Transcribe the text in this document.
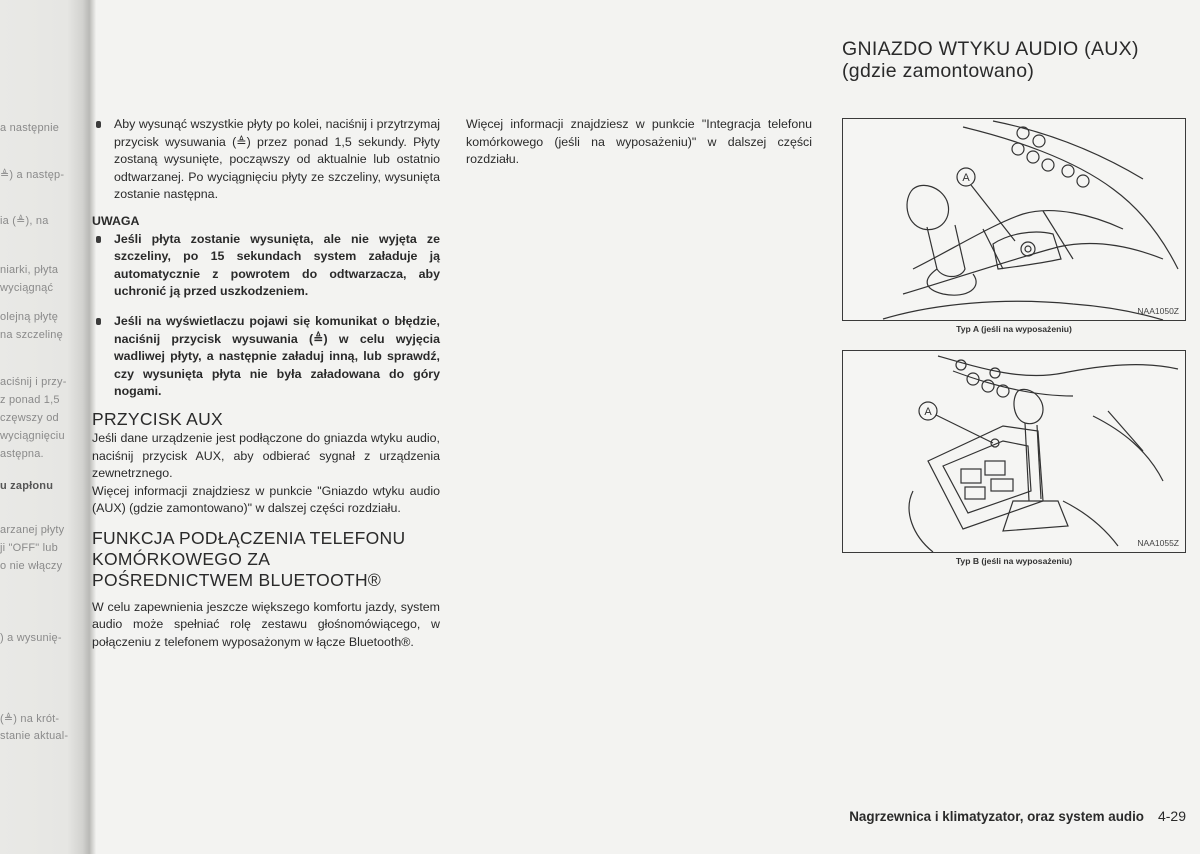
a następnie
≜) a następ-
ia (≜), na
niarki, płyta
wyciągnąć
olejną płytę
na szczelinę
aciśnij i przy-
z ponad 1,5
częwszy od
wyciągnięciu
astępna.
u zapłonu
arzanej płyty
ji "OFF" lub
o nie włączy
) a wysunię-
(≜) na krót-
stanie aktual-

Aby wysunąć wszystkie płyty po kolei, naciśnij i przytrzymaj przycisk wysuwania (≜) przez ponad 1,5 sekundy. Płyty zostaną wysunięte, począwszy od aktualnie lub ostatnio odtwarzanej. Po wyciągnięciu płyty ze szczeliny, wysunięta zostanie następna.

UWAGA

Jeśli płyta zostanie wysunięta, ale nie wyjęta ze szczeliny, po 15 sekundach system załaduje ją automatycznie z powrotem do odtwarzacza, aby uchronić ją przed uszkodzeniem.

Jeśli na wyświetlaczu pojawi się komunikat o błędzie, naciśnij przycisk wysuwania (≜) w celu wyjęcia wadliwej płyty, a następnie załaduj inną, lub sprawdź, czy wysunięta płyta nie była załadowana do góry nogami.

PRZYCISK AUX

Jeśli dane urządzenie jest podłączone do gniazda wtyku audio, naciśnij przycisk AUX, aby odbierać sygnał z urządzenia zewnetrznego.

Więcej informacji znajdziesz w punkcie "Gniazdo wtyku audio (AUX) (gdzie zamontowano)" w dalszej części rozdziału.

FUNKCJA PODŁĄCZENIA TELEFONU
KOMÓRKOWEGO ZA
POŚREDNICTWEM BLUETOOTH®

W celu zapewnienia jeszcze większego komfortu jazdy, system audio może spełniać rolę zestawu głośnomówiącego, w połączeniu z telefonem wyposażonym w łącze Bluetooth®.

Więcej informacji znajdziesz w punkcie "Integracja telefonu komórkowego (jeśli na wyposażeniu)" w dalszej części rozdziału.

GNIAZDO WTYKU AUDIO (AUX)
(gdzie zamontowano)
A
NAA1050Z
Typ A (jeśli na wyposażeniu)
A
NAA1055Z
Typ B (jeśli na wyposażeniu)
Nagrzewnica i klimatyzator, oraz system audio 4-29
